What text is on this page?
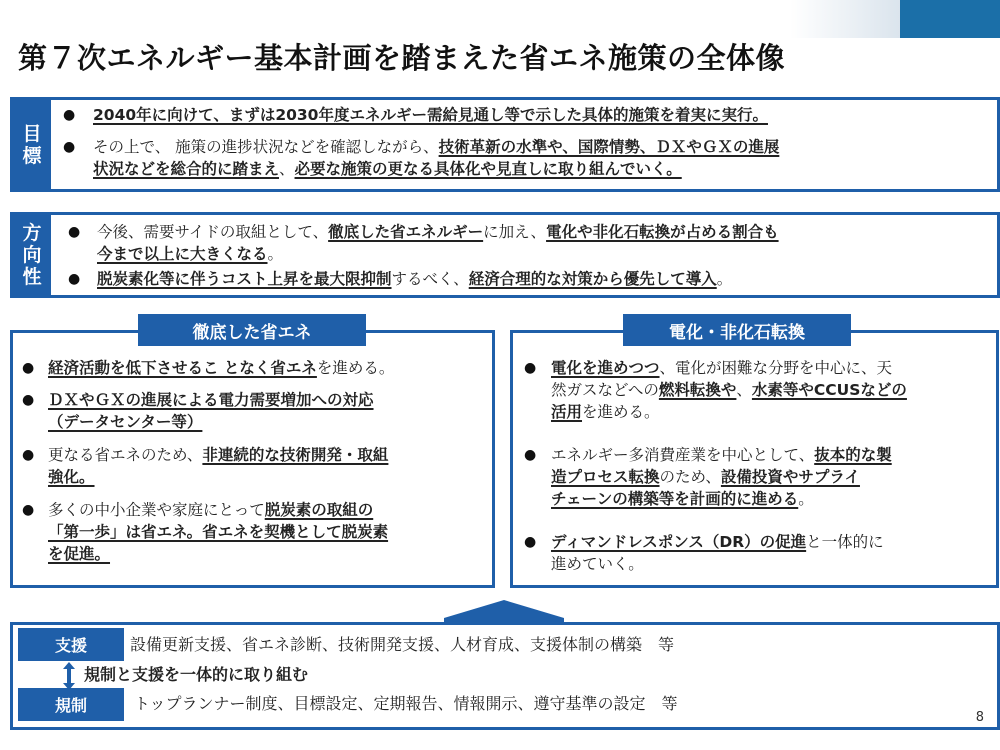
第７次エネルギー基本計画を踏まえた省エネ施策の全体像
目
標
● 2040年に向けて、まずは2030年度エネルギー需給見通し等で示した具体的施策を着実に実行。
● その上で、 施策の進捗状況などを確認しながら、技術革新の水準や、国際情勢、ＤＸやＧＸの進展
状況などを総合的に踏まえ、必要な施策の更なる具体化や見直しに取り組んでいく。
方
向
性
● 今後、需要サイドの取組として、徹底した省エネルギーに加え、電化や非化石転換が占める割合も
今まで以上に大きくなる。
● 脱炭素化等に伴うコスト上昇を最大限抑制するべく、経済合理的な対策から優先して導入。
徹底した省エネ
● 経済活動を低下させるこ となく省エネを進める。
● ＤＸやＧＸの進展による電力需要増加への対応
（データセンター等）
● 更なる省エネのため、非連続的な技術開発・取組
強化。
● 多くの中小企業や家庭にとって脱炭素の取組の
「第一歩」は省エネ。省エネを契機として脱炭素
を促進。
電化・非化石転換
● 電化を進めつつ、電化が困難な分野を中心に、天
然ガスなどへの燃料転換や、水素等やCCUSなどの
活用を進める。
● エネルギー多消費産業を中心として、抜本的な製
造プロセス転換のため、設備投資やサプライ
チェーンの構築等を計画的に進める。
● ディマンドレスポンス（DR）の促進と一体的に
進めていく。
支援	設備更新支援、省エネ診断、技術開発支援、人材育成、支援体制の構築　等
規制と支援を一体的に取り組む
規制	トップランナー制度、目標設定、定期報告、情報開示、遵守基準の設定　等
8
